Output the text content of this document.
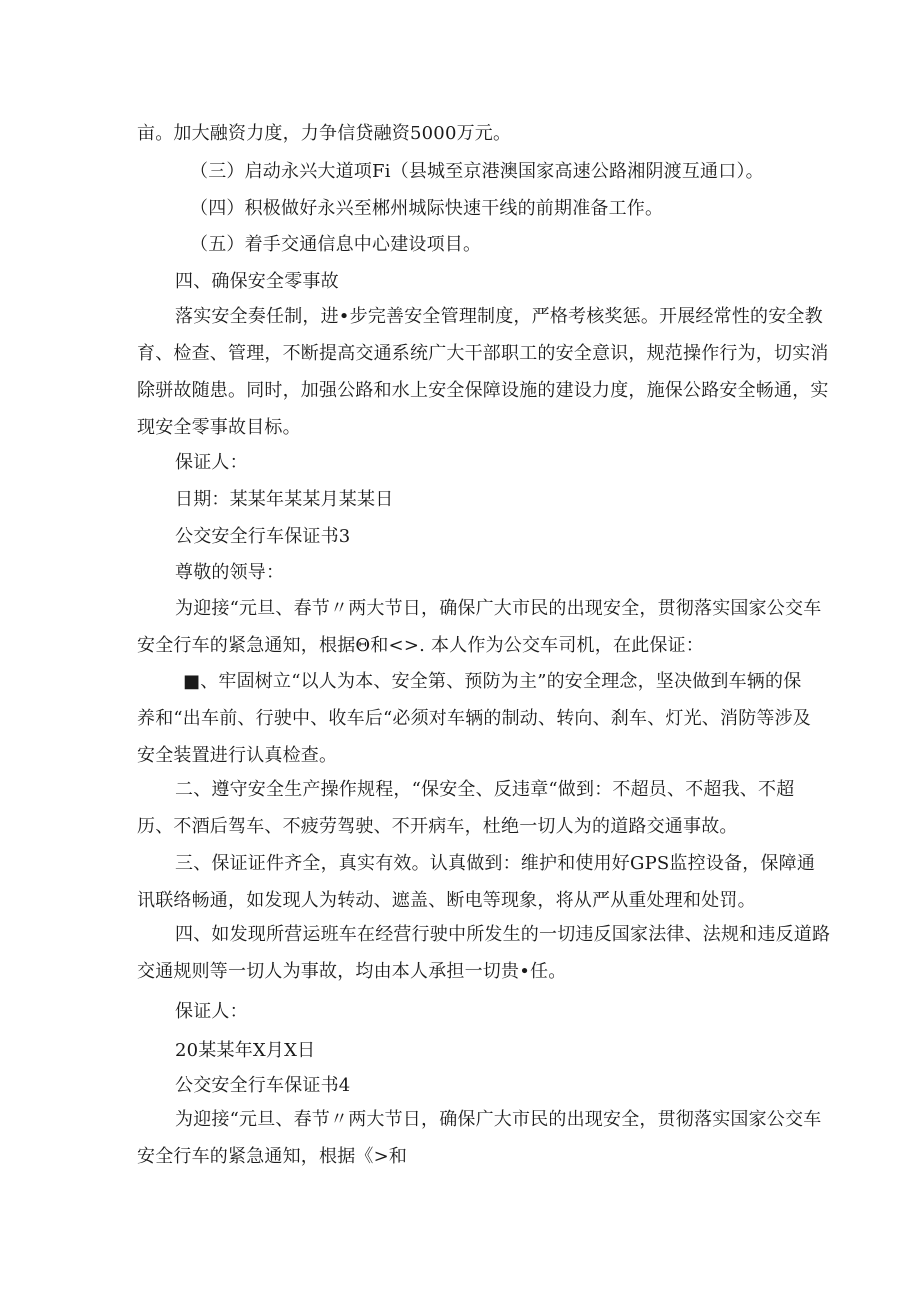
亩。加大融资力度，力争信贷融资5000万元。

（三）启动永兴大道项Fi（县城至京港澳国家高速公路湘阴渡互通口）。

（四）积极做好永兴至郴州城际快速干线的前期准备工作。

（五）着手交通信息中心建设项目。

四、确保安全零事故

落实安全奏任制，进•步完善安全管理制度，严格考核奖惩。开展经常性的安全教
育、检查、管理，不断提高交通系统广大干部职工的安全意识，规范操作行为，切实消
除骈故随患。同时，加强公路和水上安全保障设施的建设力度，施保公路安全畅通，实
现安全零事故目标。

保证人：

日期：某某年某某月某某日

公交安全行车保证书3

尊敬的领导：

为迎接“元旦、春节〃两大节日，确保广大市民的出现安全，贯彻落实国家公交车
安全行车的紧急通知，根据Θ和<>. 本人作为公交车司机，在此保证：
■、牢固树立“以人为本、安全第、预防为主”的安全理念，坚决做到车辆的保
养和“出车前、行驶中、收车后“必须对车辆的制动、转向、刹车、灯光、消防等涉及
安全装置进行认真检查。
二、遵守安全生产操作规程，“保安全、反违章“做到：不超员、不超我、不超
历、不酒后驾车、不疲劳驾驶、不开病车，杜绝一切人为的道路交通事故。
三、保证证件齐全，真实有效。认真做到：维护和使用好GPS监控设备，保障通
讯联络畅通，如发现人为转动、遮盖、断电等现象，将从严从重处理和处罚。
四、如发现所营运班车在经营行驶中所发生的一切违反国家法律、法规和违反道路
交通规则等一切人为事故，均由本人承担一切贵•任。

保证人：

20某某年X月X日

公交安全行车保证书4

为迎接“元旦、春节〃两大节日，确保广大市民的出现安全，贯彻落实国家公交车
安全行车的紧急通知，根据《>和
